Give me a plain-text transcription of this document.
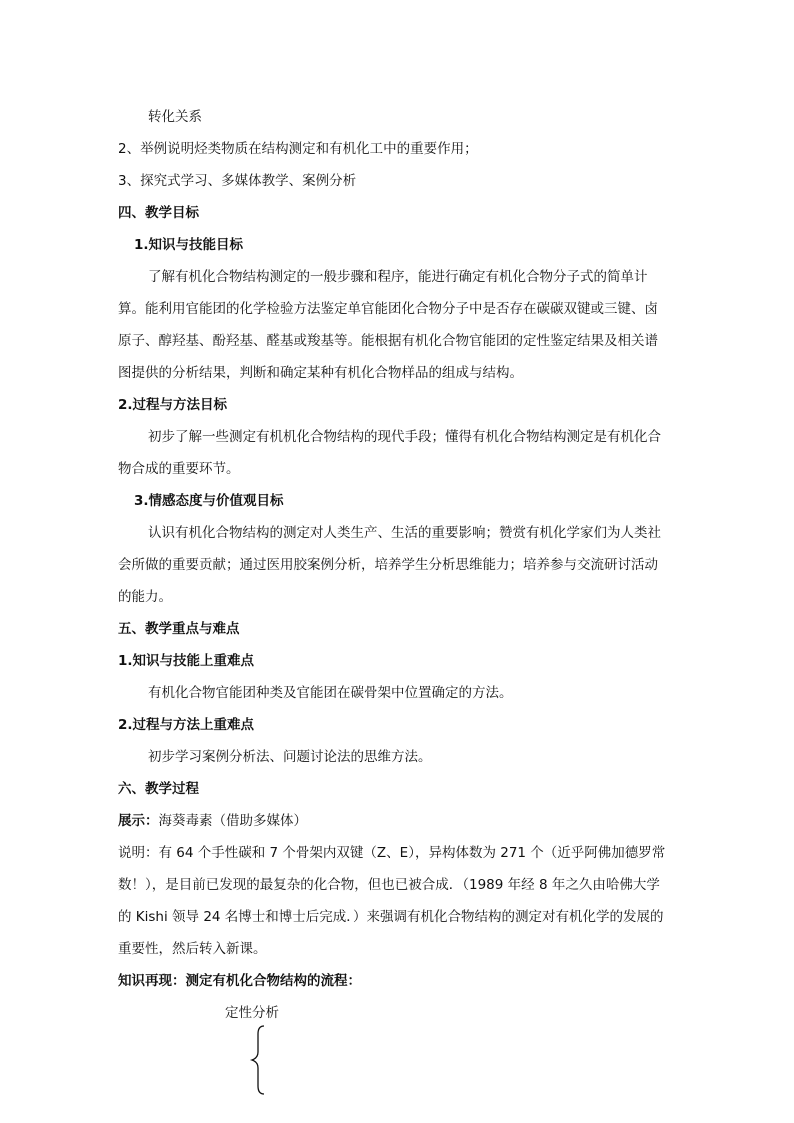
转化关系
2、举例说明烃类物质在结构测定和有机化工中的重要作用；
3、探究式学习、多媒体教学、案例分析
四、教学目标
1.知识与技能目标
了解有机化合物结构测定的一般步骤和程序，能进行确定有机化合物分子式的简单计
算。能利用官能团的化学检验方法鉴定单官能团化合物分子中是否存在碳碳双键或三键、卤
原子、醇羟基、酚羟基、醛基或羧基等。能根据有机化合物官能团的定性鉴定结果及相关谱
图提供的分析结果，判断和确定某种有机化合物样品的组成与结构。
2.过程与方法目标
初步了解一些测定有机机化合物结构的现代手段；懂得有机化合物结构测定是有机化合
物合成的重要环节。
3.情感态度与价值观目标
认识有机化合物结构的测定对人类生产、生活的重要影响；赞赏有机化学家们为人类社
会所做的重要贡献；通过医用胶案例分析，培养学生分析思维能力；培养参与交流研讨活动
的能力。
五、教学重点与难点
1.知识与技能上重难点
有机化合物官能团种类及官能团在碳骨架中位置确定的方法。
2.过程与方法上重难点
初步学习案例分析法、问题讨论法的思维方法。
六、教学过程
展示：海葵毒素（借助多媒体）
说明：有 64 个手性碳和 7 个骨架内双键（Z、E），异构体数为 271 个（近乎阿佛加德罗常
数！），是目前已发现的最复杂的化合物，但也已被合成．（1989 年经 8 年之久由哈佛大学
的 Kishi 领导 24 名博士和博士后完成．）来强调有机化合物结构的测定对有机化学的发展的
重要性，然后转入新课。
知识再现：测定有机化合物结构的流程：
定性分析
